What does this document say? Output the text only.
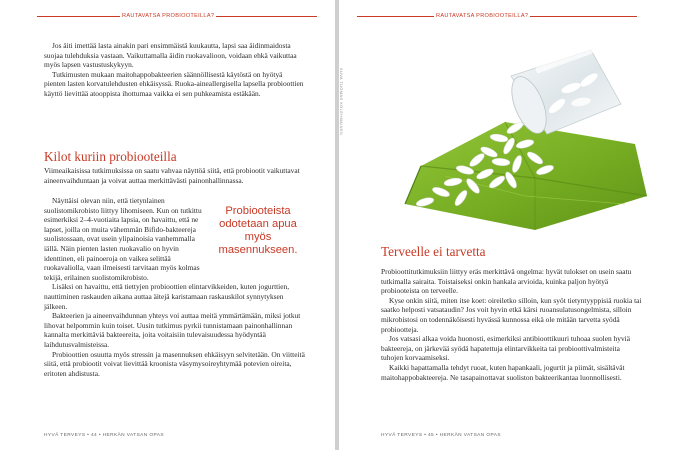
RAUTAVATSA PROBIOOTEILLA?

Jos äiti imettää lasta ainakin pari ensimmäistä kuukautta, lapsi saa äidinmaidosta suojaa tulehduksia vastaan. Vaikuttamalla äidin ruokavalioon, voidaan ehkä vaikuttaa myös lapsen vastustuskykyyn.

Tutkimusten mukaan maitohappobakteerien säännöllisestä käytöstä on hyötyä pienten lasten korvatulehdusten ehkäisyssä. Ruoka-aineallergisella lapsella probioottien käyttö lievittää atooppista ihottumaa vaikka ei sen puhkeamista estäkään.

Kilot kuriin probiooteilla

Viimeaikaisissa tutkimuksissa on saatu vahvaa näyttöä siitä, että probiootit vaikuttavat aineenvaihduntaan ja voivat auttaa merkittävästi painonhallinnassa.

Näyttäisi olevan niin, että tietynlainen suolistomikrobisto liittyy lihomiseen. Kun on tutkittu esimerkiksi 2–4-vuotiaita lapsia, on havaittu, että ne lapset, joilla on muita vähemmän Bifido-bakteereja suolistossaan, ovat usein ylipainoisia vanhemmalla iällä. Näin pienten lasten ruokavalio on hyvin identtinen, eli painoeroja on vaikea selittää ruokavaliolla, vaan ilmeisesti tarvitaan myös kolmas tekijä, erilainen suolistomikrobisto.

Lisäksi on havaittu, että tiettyjen probioottien elintarvikkeiden, kuten jogurttien, nauttiminen raskauden aikana auttaa äitejä karistamaan raskauskilot synnytyksen jälkeen.

Bakteerien ja aineenvaihdunnan yhteys voi auttaa meitä ymmärtämään, miksi jotkut lihovat helpommin kuin toiset. Uusin tutkimus pyrkii tunnistamaan painonhallinnan kannalta merkittäviä bakteereita, joita voitaisiin tulevaisuudessa hyödyntää laihdutusvalmisteissa.

Probioottien osuutta myös stressin ja masennuksen ehkäisyyn selvitetään. On viitteitä siitä, että probiootit voivat lievittää kroonista väsymysoireyhtymää potevien oireita, eritoten ahdistusta.

Probiooteista odotetaan apua myös masennukseen.
HYVÄ TERVEYS • 44 • HERKÄN VATSAN OPAS
RAUTAVATSA PROBIOOTEILLA?
KUVA TUOMAS KOLEHMAINEN
Terveelle ei tarvetta

Probioottitutkimuksiin liittyy eräs merkittävä ongelma: hyvät tulokset on usein saatu tutkimalla sairaita. Toistaiseksi onkin hankala arvioida, kuinka paljon hyötyä probiooteista on terveelle.

Kyse onkin siitä, miten itse koet: oireiletko silloin, kun syöt tietyntyyppisiä ruokia tai saatko helposti vatsataudin? Jos voit hyvin etkä kärsi ruoansulatusongelmista, silloin mikrobistosi on todennäköisesti hyvässä kunnossa eikä ole mitään tarvetta syödä probiootteja.

Jos vatsasi alkaa voida huonosti, esimerkiksi antibioottikuuri tuhoaa suolen hyviä bakteereja, on järkevää syödä hapatettuja elintarvikkeita tai probioottivalmisteita tuhojen korvaamiseksi.

Kaikki hapattamalla tehdyt ruoat, kuten hapankaali, jogurtit ja piimät, sisältävät maitohappobakteereja. Ne tasapainottavat suoliston bakteerikantaa luonnollisesti.

HYVÄ TERVEYS • 45 • HERKÄN VATSAN OPAS
